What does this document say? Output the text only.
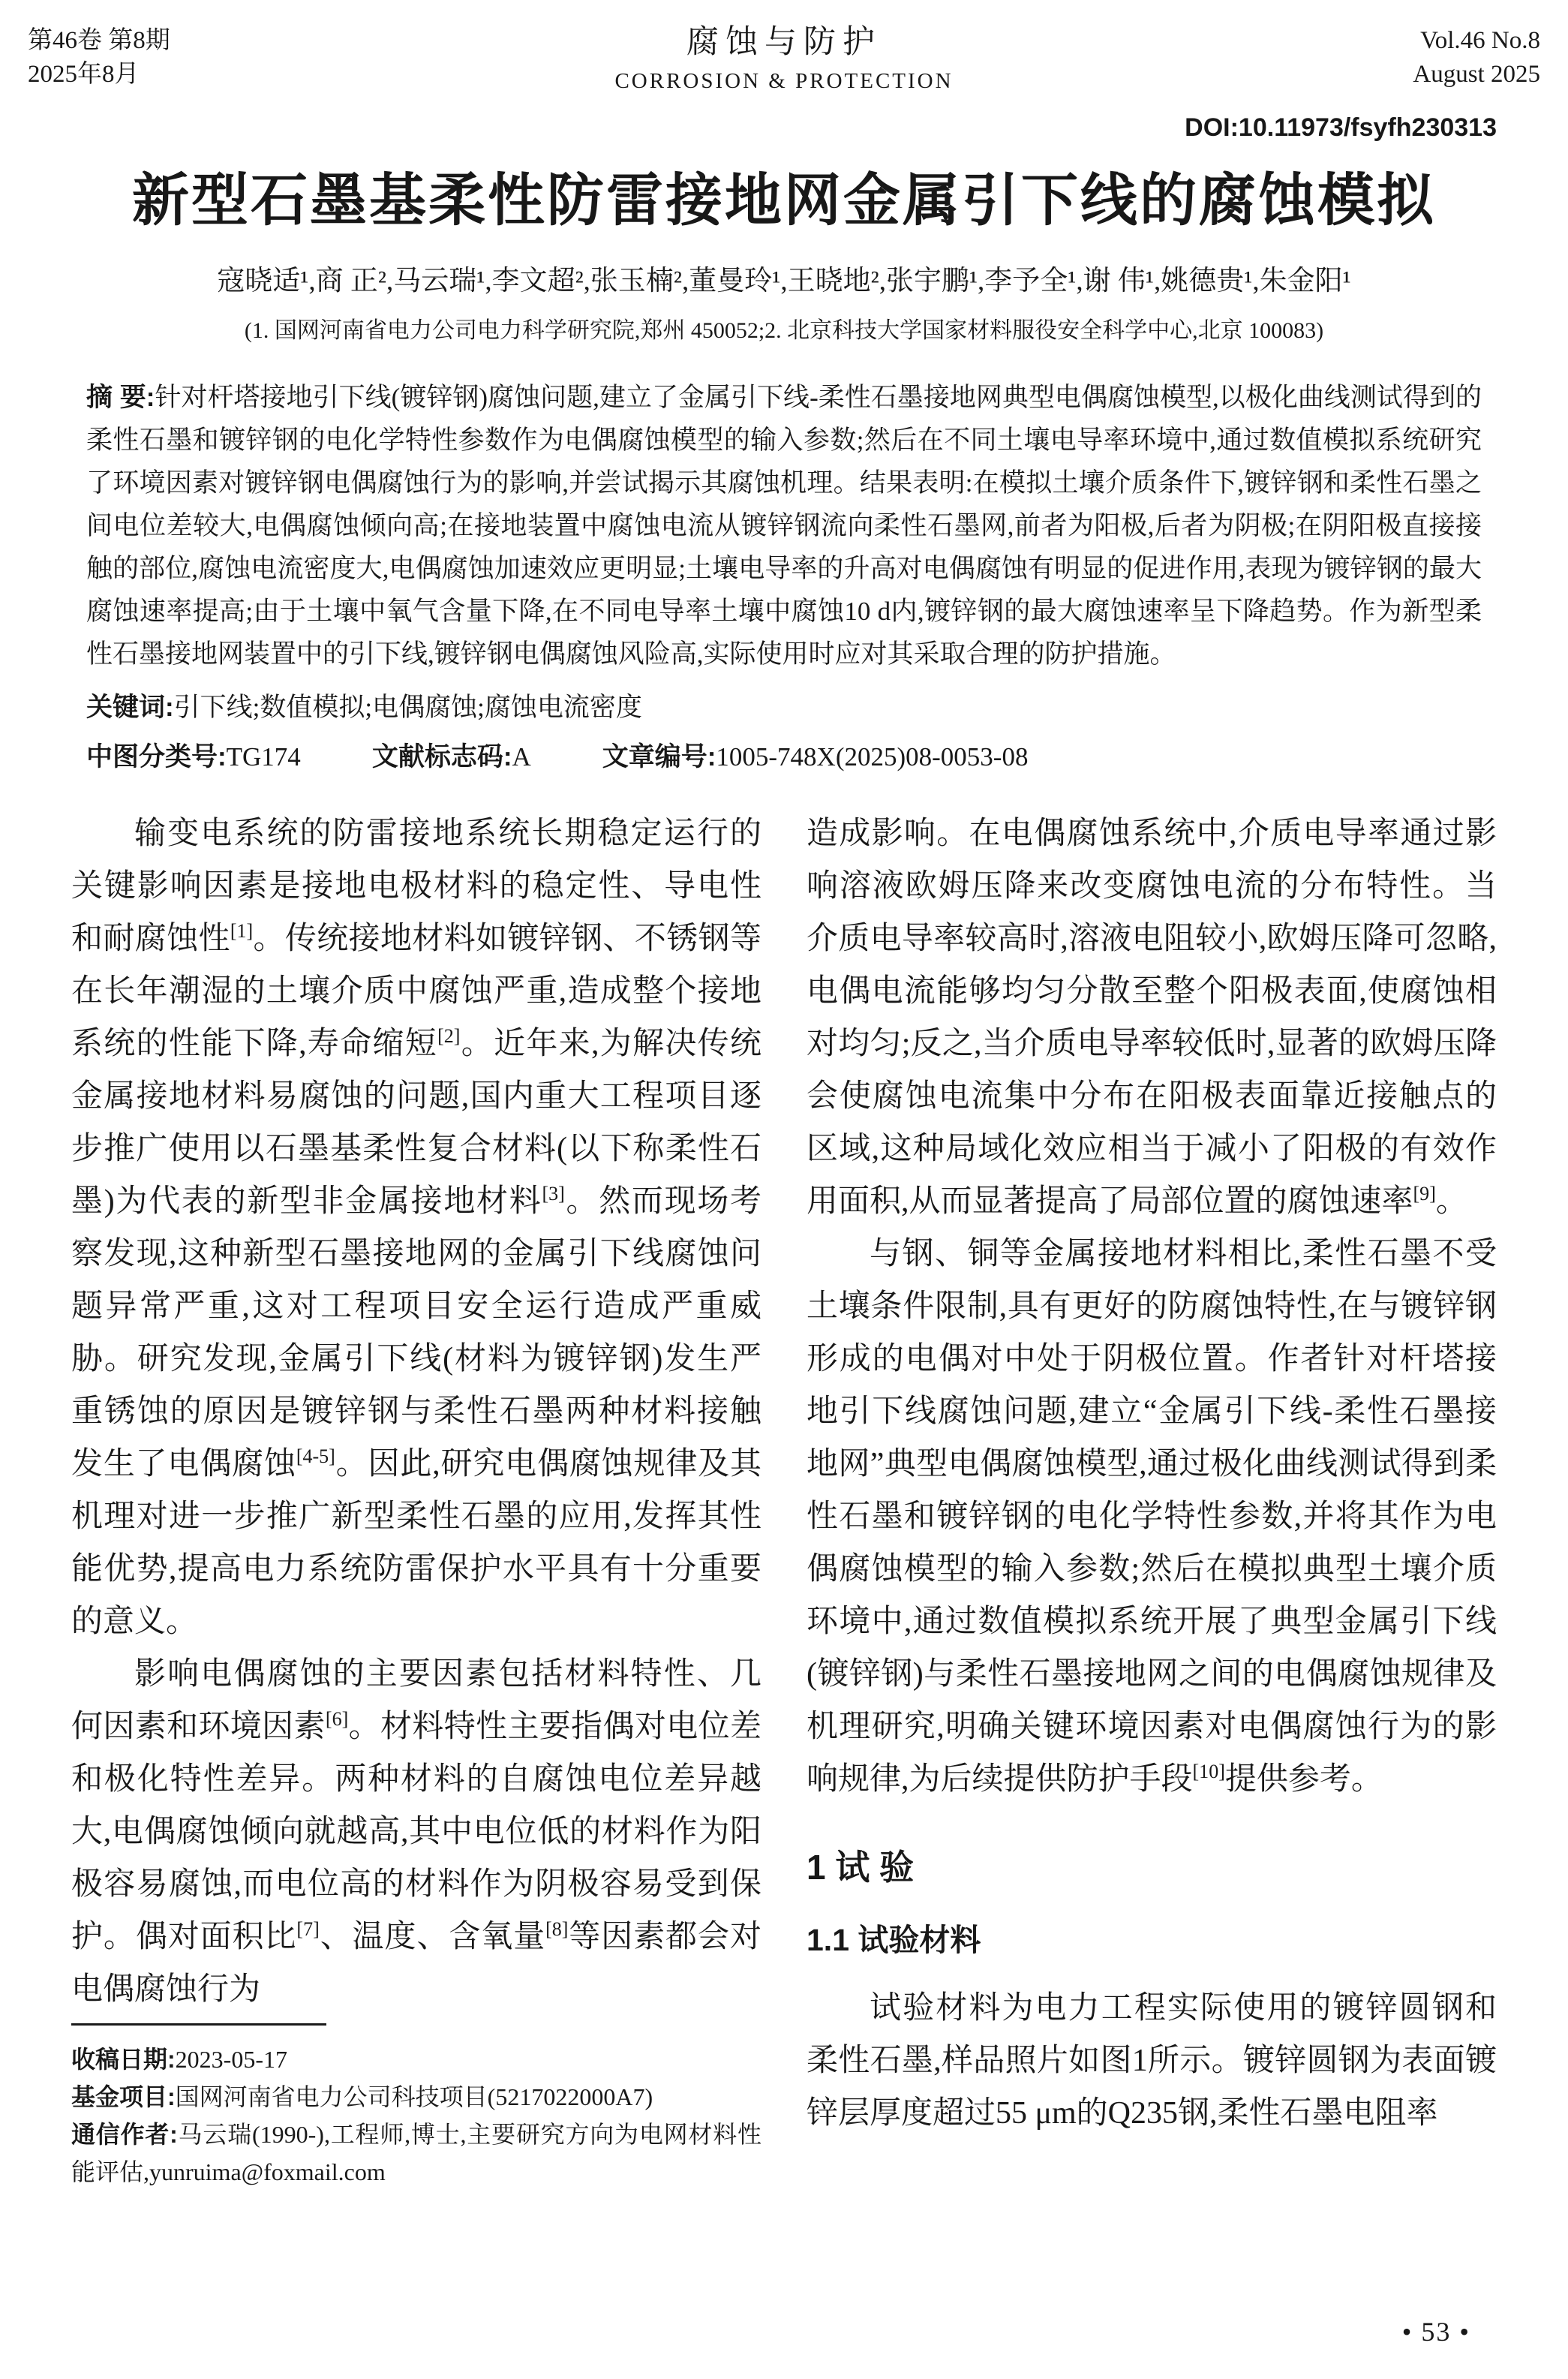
第46卷 第8期
2025年8月
腐蚀与防护
CORROSION & PROTECTION
Vol.46 No.8
August 2025
DOI:10.11973/fsyfh230313
新型石墨基柔性防雷接地网金属引下线的腐蚀模拟
寇晓适¹,商 正²,马云瑞¹,李文超²,张玉楠²,董曼玲¹,王晓地²,张宇鹏¹,李予全¹,谢 伟¹,姚德贵¹,朱金阳¹
(1. 国网河南省电力公司电力科学研究院,郑州 450052;2. 北京科技大学国家材料服役安全科学中心,北京 100083)

摘 要:针对杆塔接地引下线(镀锌钢)腐蚀问题,建立了金属引下线-柔性石墨接地网典型电偶腐蚀模型,以极化曲线测试得到的柔性石墨和镀锌钢的电化学特性参数作为电偶腐蚀模型的输入参数;然后在不同土壤电导率环境中,通过数值模拟系统研究了环境因素对镀锌钢电偶腐蚀行为的影响,并尝试揭示其腐蚀机理。结果表明:在模拟土壤介质条件下,镀锌钢和柔性石墨之间电位差较大,电偶腐蚀倾向高;在接地装置中腐蚀电流从镀锌钢流向柔性石墨网,前者为阳极,后者为阴极;在阴阳极直接接触的部位,腐蚀电流密度大,电偶腐蚀加速效应更明显;土壤电导率的升高对电偶腐蚀有明显的促进作用,表现为镀锌钢的最大腐蚀速率提高;由于土壤中氧气含量下降,在不同电导率土壤中腐蚀10 d内,镀锌钢的最大腐蚀速率呈下降趋势。作为新型柔性石墨接地网装置中的引下线,镀锌钢电偶腐蚀风险高,实际使用时应对其采取合理的防护措施。

关键词:引下线;数值模拟;电偶腐蚀;腐蚀电流密度

中图分类号:TG174	文献标志码:A	文章编号:1005-748X(2025)08-0053-08

输变电系统的防雷接地系统长期稳定运行的关键影响因素是接地电极材料的稳定性、导电性和耐腐蚀性[1]。传统接地材料如镀锌钢、不锈钢等在长年潮湿的土壤介质中腐蚀严重,造成整个接地系统的性能下降,寿命缩短[2]。近年来,为解决传统金属接地材料易腐蚀的问题,国内重大工程项目逐步推广使用以石墨基柔性复合材料(以下称柔性石墨)为代表的新型非金属接地材料[3]。然而现场考察发现,这种新型石墨接地网的金属引下线腐蚀问题异常严重,这对工程项目安全运行造成严重威胁。研究发现,金属引下线(材料为镀锌钢)发生严重锈蚀的原因是镀锌钢与柔性石墨两种材料接触发生了电偶腐蚀[4-5]。因此,研究电偶腐蚀规律及其机理对进一步推广新型柔性石墨的应用,发挥其性能优势,提高电力系统防雷保护水平具有十分重要的意义。

影响电偶腐蚀的主要因素包括材料特性、几何因素和环境因素[6]。材料特性主要指偶对电位差和极化特性差异。两种材料的自腐蚀电位差异越大,电偶腐蚀倾向就越高,其中电位低的材料作为阳极容易腐蚀,而电位高的材料作为阴极容易受到保护。偶对面积比[7]、温度、含氧量[8]等因素都会对电偶腐蚀行为

收稿日期:2023-05-17

基金项目:国网河南省电力公司科技项目(5217022000A7)

通信作者:马云瑞(1990-),工程师,博士,主要研究方向为电网材料性能评估,yunruima@foxmail.com

造成影响。在电偶腐蚀系统中,介质电导率通过影响溶液欧姆压降来改变腐蚀电流的分布特性。当介质电导率较高时,溶液电阻较小,欧姆压降可忽略,电偶电流能够均匀分散至整个阳极表面,使腐蚀相对均匀;反之,当介质电导率较低时,显著的欧姆压降会使腐蚀电流集中分布在阳极表面靠近接触点的区域,这种局域化效应相当于减小了阳极的有效作用面积,从而显著提高了局部位置的腐蚀速率[9]。

与钢、铜等金属接地材料相比,柔性石墨不受土壤条件限制,具有更好的防腐蚀特性,在与镀锌钢形成的电偶对中处于阴极位置。作者针对杆塔接地引下线腐蚀问题,建立“金属引下线-柔性石墨接地网”典型电偶腐蚀模型,通过极化曲线测试得到柔性石墨和镀锌钢的电化学特性参数,并将其作为电偶腐蚀模型的输入参数;然后在模拟典型土壤介质环境中,通过数值模拟系统开展了典型金属引下线(镀锌钢)与柔性石墨接地网之间的电偶腐蚀规律及机理研究,明确关键环境因素对电偶腐蚀行为的影响规律,为后续提供防护手段[10]提供参考。

1 试 验
1.1 试验材料

试验材料为电力工程实际使用的镀锌圆钢和柔性石墨,样品照片如图1所示。镀锌圆钢为表面镀锌层厚度超过55 μm的Q235钢,柔性石墨电阻率

• 53 •
